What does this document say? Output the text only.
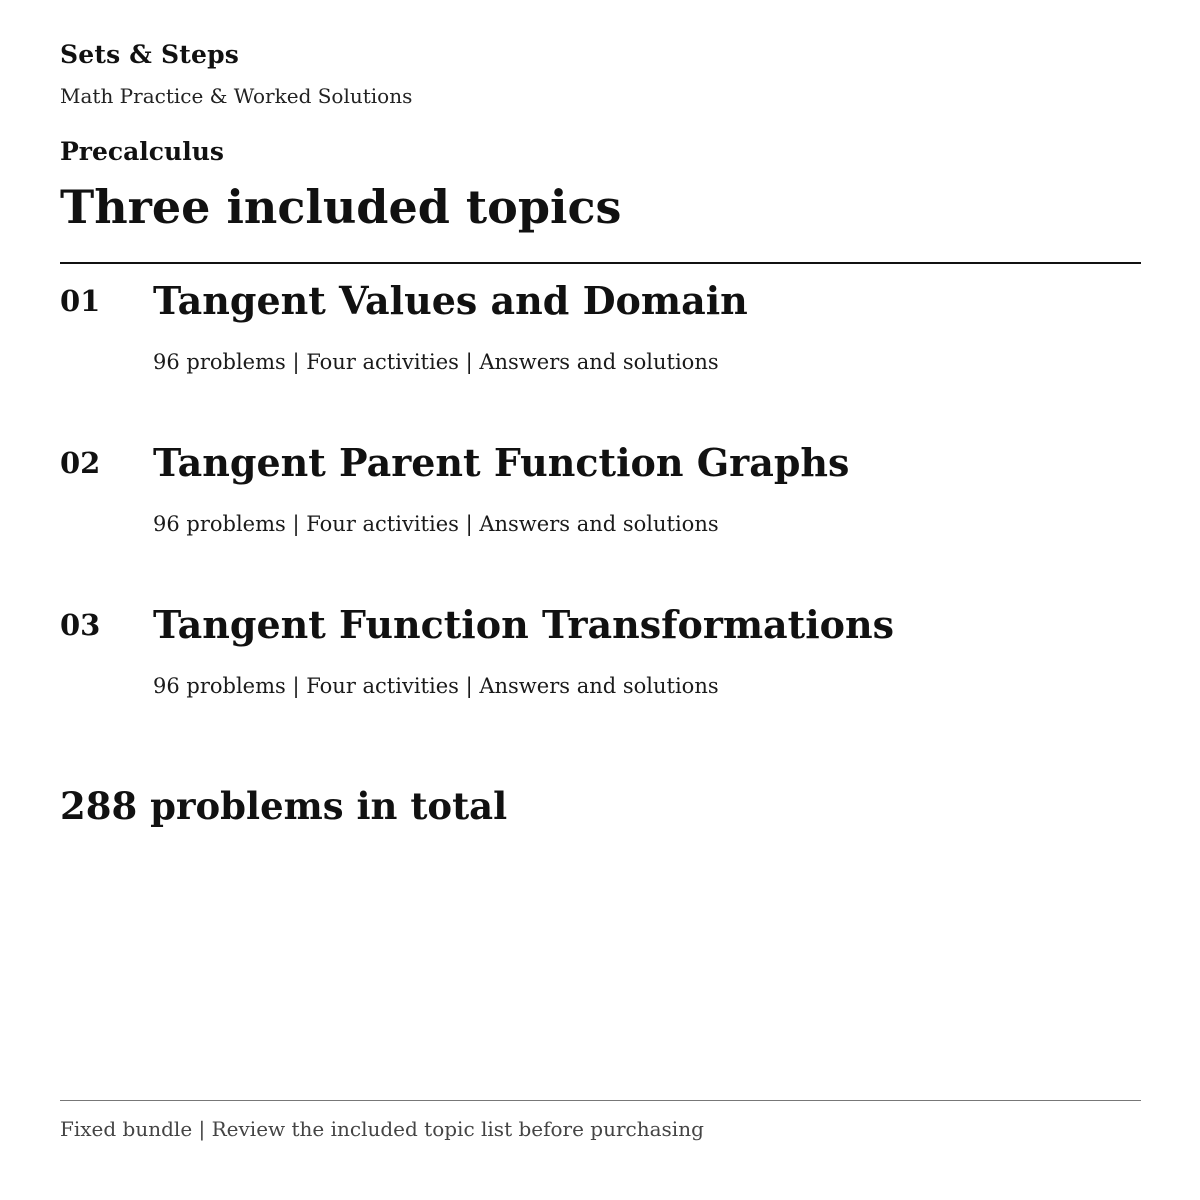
Sets & Steps
Math Practice & Worked Solutions
Precalculus
Three included topics
01 Tangent Values and Domain
96 problems | Four activities | Answers and solutions
02 Tangent Parent Function Graphs
96 problems | Four activities | Answers and solutions
03 Tangent Function Transformations
96 problems | Four activities | Answers and solutions
288 problems in total
Fixed bundle | Review the included topic list before purchasing
